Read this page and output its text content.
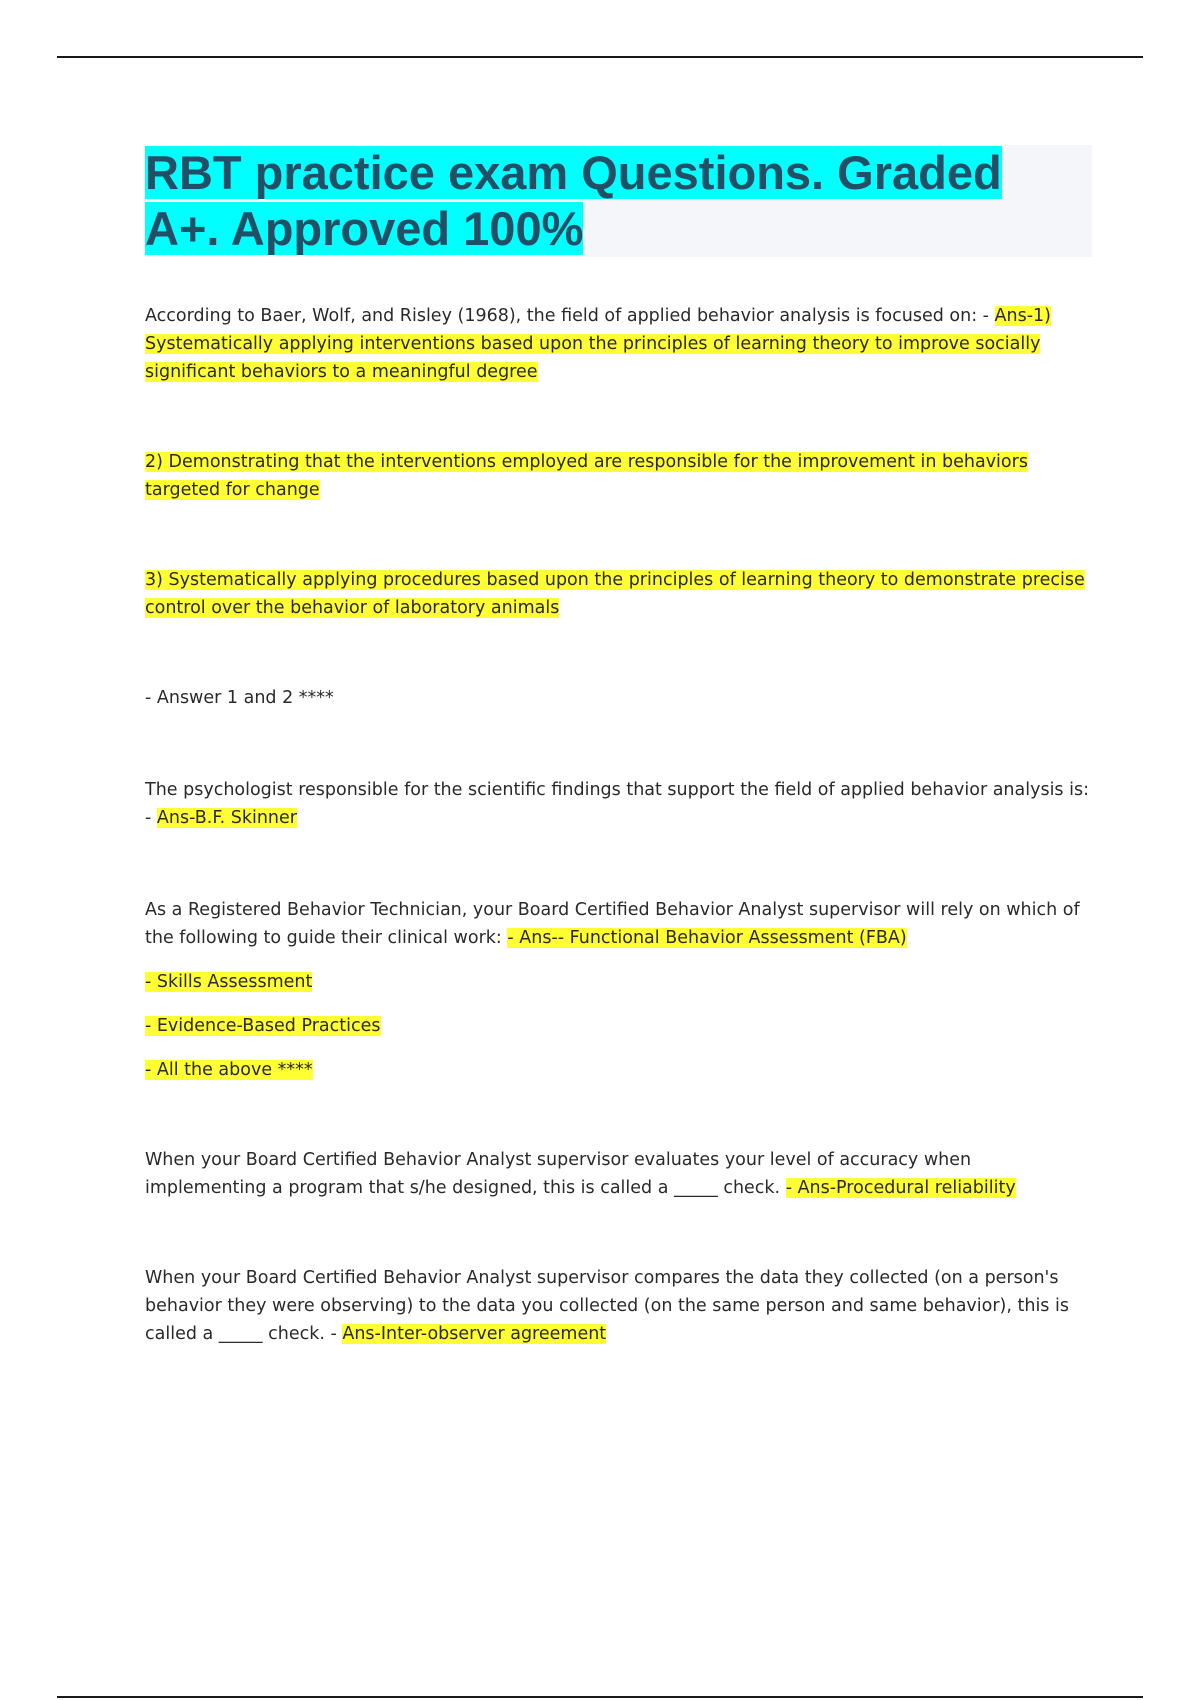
RBT practice exam Questions. Graded A+. Approved 100%

According to Baer, Wolf, and Risley (1968), the field of applied behavior analysis is focused on: - Ans-1) Systematically applying interventions based upon the principles of learning theory to improve socially significant behaviors to a meaningful degree

2) Demonstrating that the interventions employed are responsible for the improvement in behaviors targeted for change

3) Systematically applying procedures based upon the principles of learning theory to demonstrate precise control over the behavior of laboratory animals

- Answer 1 and 2 ****

The psychologist responsible for the scientific findings that support the field of applied behavior analysis is: - Ans-B.F. Skinner

As a Registered Behavior Technician, your Board Certified Behavior Analyst supervisor will rely on which of the following to guide their clinical work: - Ans-- Functional Behavior Assessment (FBA)

- Skills Assessment

- Evidence-Based Practices

- All the above ****

When your Board Certified Behavior Analyst supervisor evaluates your level of accuracy when implementing a program that s/he designed, this is called a _____ check. - Ans-Procedural reliability

When your Board Certified Behavior Analyst supervisor compares the data they collected (on a person's behavior they were observing) to the data you collected (on the same person and same behavior), this is called a _____ check. - Ans-Inter-observer agreement
